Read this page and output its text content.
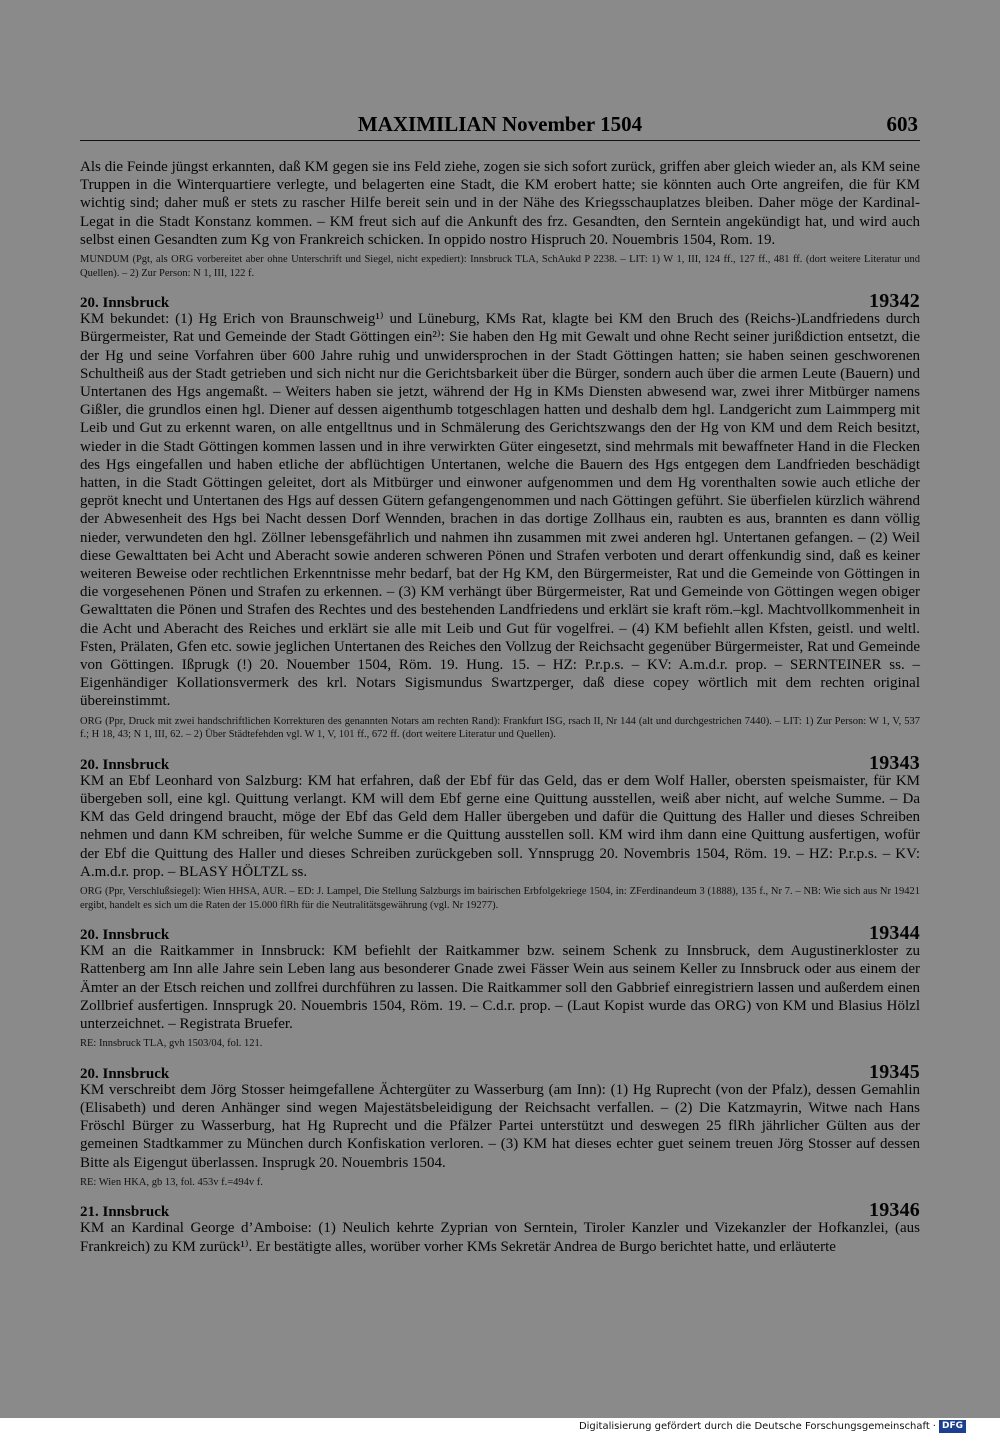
MAXIMILIAN November 1504	603

Als die Feinde jüngst erkannten, daß KM gegen sie ins Feld ziehe, zogen sie sich sofort zurück, griffen aber gleich wieder an, als KM seine Truppen in die Winterquartiere verlegte, und belagerten eine Stadt, die KM erobert hatte; sie könnten auch Orte angreifen, die für KM wichtig sind; daher muß er stets zu rascher Hilfe bereit sein und in der Nähe des Kriegsschauplatzes bleiben. Daher möge der Kardinal-Legat in die Stadt Konstanz kommen. – KM freut sich auf die Ankunft des frz. Gesandten, den Serntein angekündigt hat, und wird auch selbst einen Gesandten zum Kg von Frankreich schicken. In oppido nostro Hispruch 20. Nouembris 1504, Rom. 19.

MUNDUM (Pgt, als ORG vorbereitet aber ohne Unterschrift und Siegel, nicht expediert): Innsbruck TLA, SchAukd P 2238. – LIT: 1) W 1, III, 124 ff., 127 ff., 481 ff. (dort weitere Literatur und Quellen). – 2) Zur Person: N 1, III, 122 f.

20. Innsbruck	19342

KM bekundet: (1) Hg Erich von Braunschweig¹⁾ und Lüneburg, KMs Rat, klagte bei KM den Bruch des (Reichs-)Landfriedens durch Bürgermeister, Rat und Gemeinde der Stadt Göttingen ein²⁾: Sie haben den Hg mit Gewalt und ohne Recht seiner jurißdiction entsetzt, die der Hg und seine Vorfahren über 600 Jahre ruhig und unwidersprochen in der Stadt Göttingen hatten; sie haben seinen geschworenen Schultheiß aus der Stadt getrieben und sich nicht nur die Gerichtsbarkeit über die Bürger, sondern auch über die armen Leute (Bauern) und Untertanen des Hgs angemaßt. – Weiters haben sie jetzt, während der Hg in KMs Diensten abwesend war, zwei ihrer Mitbürger namens Gißler, die grundlos einen hgl. Diener auf dessen aigenthumb totgeschlagen hatten und deshalb dem hgl. Landgericht zum Laimmperg mit Leib und Gut zu erkennt waren, on alle entgelltnus und in Schmälerung des Gerichtszwangs den der Hg von KM und dem Reich besitzt, wieder in die Stadt Göttingen kommen lassen und in ihre verwirkten Güter eingesetzt, sind mehrmals mit bewaffneter Hand in die Flecken des Hgs eingefallen und haben etliche der abflüchtigen Untertanen, welche die Bauern des Hgs entgegen dem Landfrieden beschädigt hatten, in die Stadt Göttingen geleitet, dort als Mitbürger und einwoner aufgenommen und dem Hg vorenthalten sowie auch etliche der gepröt knecht und Untertanen des Hgs auf dessen Gütern gefangengenommen und nach Göttingen geführt. Sie überfielen kürzlich während der Abwesenheit des Hgs bei Nacht dessen Dorf Wennden, brachen in das dortige Zollhaus ein, raubten es aus, brannten es dann völlig nieder, verwundeten den hgl. Zöllner lebensgefährlich und nahmen ihn zusammen mit zwei anderen hgl. Untertanen gefangen. – (2) Weil diese Gewalttaten bei Acht und Aberacht sowie anderen schweren Pönen und Strafen verboten und derart offenkundig sind, daß es keiner weiteren Beweise oder rechtlichen Erkenntnisse mehr bedarf, bat der Hg KM, den Bürgermeister, Rat und die Gemeinde von Göttingen in die vorgesehenen Pönen und Strafen zu erkennen. – (3) KM verhängt über Bürgermeister, Rat und Gemeinde von Göttingen wegen obiger Gewalttaten die Pönen und Strafen des Rechtes und des bestehenden Landfriedens und erklärt sie kraft röm.–kgl. Machtvollkommenheit in die Acht und Aberacht des Reiches und erklärt sie alle mit Leib und Gut für vogelfrei. – (4) KM befiehlt allen Kfsten, geistl. und weltl. Fsten, Prälaten, Gfen etc. sowie jeglichen Untertanen des Reiches den Vollzug der Reichsacht gegenüber Bürgermeister, Rat und Gemeinde von Göttingen. Ißprugk (!) 20. Nouember 1504, Röm. 19. Hung. 15. – HZ: P.r.p.s. – KV: A.m.d.r. prop. – SERNTEINER ss. – Eigenhändiger Kollationsvermerk des krl. Notars Sigismundus Swartzperger, daß diese copey wörtlich mit dem rechten original übereinstimmt.

ORG (Ppr, Druck mit zwei handschriftlichen Korrekturen des genannten Notars am rechten Rand): Frankfurt ISG, rsach II, Nr 144 (alt und durchgestrichen 7440). – LIT: 1) Zur Person: W 1, V, 537 f.; H 18, 43; N 1, III, 62. – 2) Über Städtefehden vgl. W 1, V, 101 ff., 672 ff. (dort weitere Literatur und Quellen).

20. Innsbruck	19343

KM an Ebf Leonhard von Salzburg: KM hat erfahren, daß der Ebf für das Geld, das er dem Wolf Haller, obersten speismaister, für KM übergeben soll, eine kgl. Quittung verlangt. KM will dem Ebf gerne eine Quittung ausstellen, weiß aber nicht, auf welche Summe. – Da KM das Geld dringend braucht, möge der Ebf das Geld dem Haller übergeben und dafür die Quittung des Haller und dieses Schreiben nehmen und dann KM schreiben, für welche Summe er die Quittung ausstellen soll. KM wird ihm dann eine Quittung ausfertigen, wofür der Ebf die Quittung des Haller und dieses Schreiben zurückgeben soll. Ynnsprugg 20. Novembris 1504, Röm. 19. – HZ: P.r.p.s. – KV: A.m.d.r. prop. – BLASY HÖLTZL ss.

ORG (Ppr, Verschlußsiegel): Wien HHSA, AUR. – ED: J. Lampel, Die Stellung Salzburgs im bairischen Erbfolgekriege 1504, in: ZFerdinandeum 3 (1888), 135 f., Nr 7. – NB: Wie sich aus Nr 19421 ergibt, handelt es sich um die Raten der 15.000 flRh für die Neutralitätsgewährung (vgl. Nr 19277).

20. Innsbruck	19344

KM an die Raitkammer in Innsbruck: KM befiehlt der Raitkammer bzw. seinem Schenk zu Innsbruck, dem Augustinerkloster zu Rattenberg am Inn alle Jahre sein Leben lang aus besonderer Gnade zwei Fässer Wein aus seinem Keller zu Innsbruck oder aus einem der Ämter an der Etsch reichen und zollfrei durchführen zu lassen. Die Raitkammer soll den Gabbrief einregistriern lassen und außerdem einen Zollbrief ausfertigen. Innsprugk 20. Nouembris 1504, Röm. 19. – C.d.r. prop. – (Laut Kopist wurde das ORG) von KM und Blasius Hölzl unterzeichnet. – Registrata Bruefer.

RE: Innsbruck TLA, gvh 1503/04, fol. 121.

20. Innsbruck	19345

KM verschreibt dem Jörg Stosser heimgefallene Ächtergüter zu Wasserburg (am Inn): (1) Hg Ruprecht (von der Pfalz), dessen Gemahlin (Elisabeth) und deren Anhänger sind wegen Majestätsbeleidigung der Reichsacht verfallen. – (2) Die Katzmayrin, Witwe nach Hans Fröschl Bürger zu Wasserburg, hat Hg Ruprecht und die Pfälzer Partei unterstützt und deswegen 25 flRh jährlicher Gülten aus der gemeinen Stadtkammer zu München durch Konfiskation verloren. – (3) KM hat dieses echter guet seinem treuen Jörg Stosser auf dessen Bitte als Eigengut überlassen. Insprugk 20. Nouembris 1504.

RE: Wien HKA, gb 13, fol. 453v f.=494v f.

21. Innsbruck	19346

KM an Kardinal George d’Amboise: (1) Neulich kehrte Zyprian von Serntein, Tiroler Kanzler und Vizekanzler der Hofkanzlei, (aus Frankreich) zu KM zurück¹⁾. Er bestätigte alles, worüber vorher KMs Sekretär Andrea de Burgo berichtet hatte, und erläuterte

Digitalisierung gefördert durch die Deutsche Forschungsgemeinschaft · DFG
